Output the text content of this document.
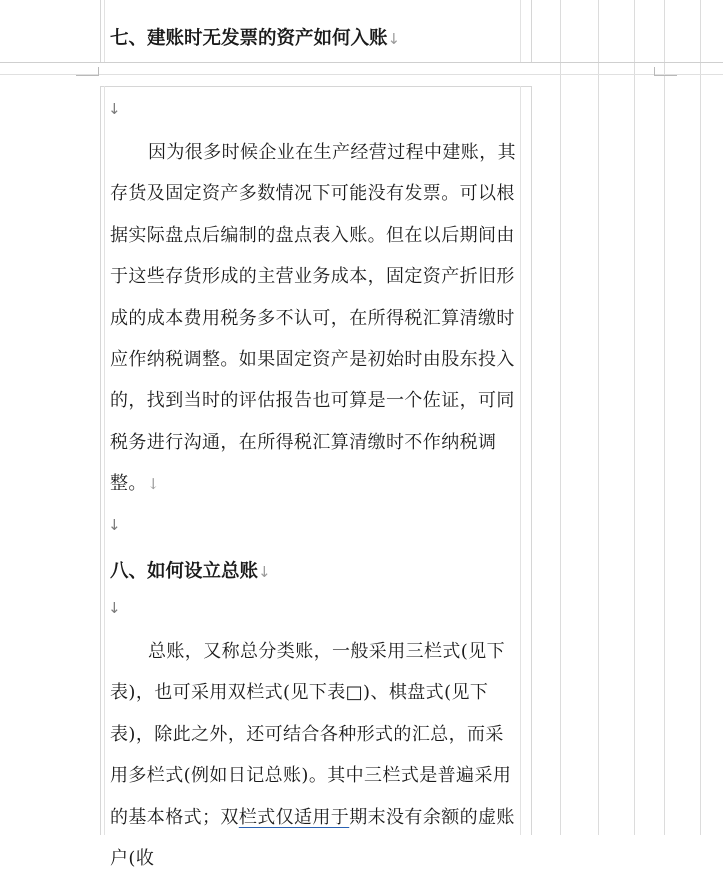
七、建账时无发票的资产如何入账↓
↓
因为很多时候企业在生产经营过程中建账，其存货及固定资产多数情况下可能没有发票。可以根据实际盘点后编制的盘点表入账。但在以后期间由于这些存货形成的主营业务成本，固定资产折旧形成的成本费用税务多不认可，在所得税汇算清缴时应作纳税调整。如果固定资产是初始时由股东投入的，找到当时的评估报告也可算是一个佐证，可同税务进行沟通，在所得税汇算清缴时不作纳税调整。↓
↓
八、如何设立总账↓
↓
总账，又称总分类账，一般采用三栏式(见下表)，也可采用双栏式(见下表□)、棋盘式(见下表)，除此之外，还可结合各种形式的汇总，而采用多栏式(例如日记总账)。其中三栏式是普遍采用的基本格式；双栏式仅适用于期末没有余额的虚账户(收
